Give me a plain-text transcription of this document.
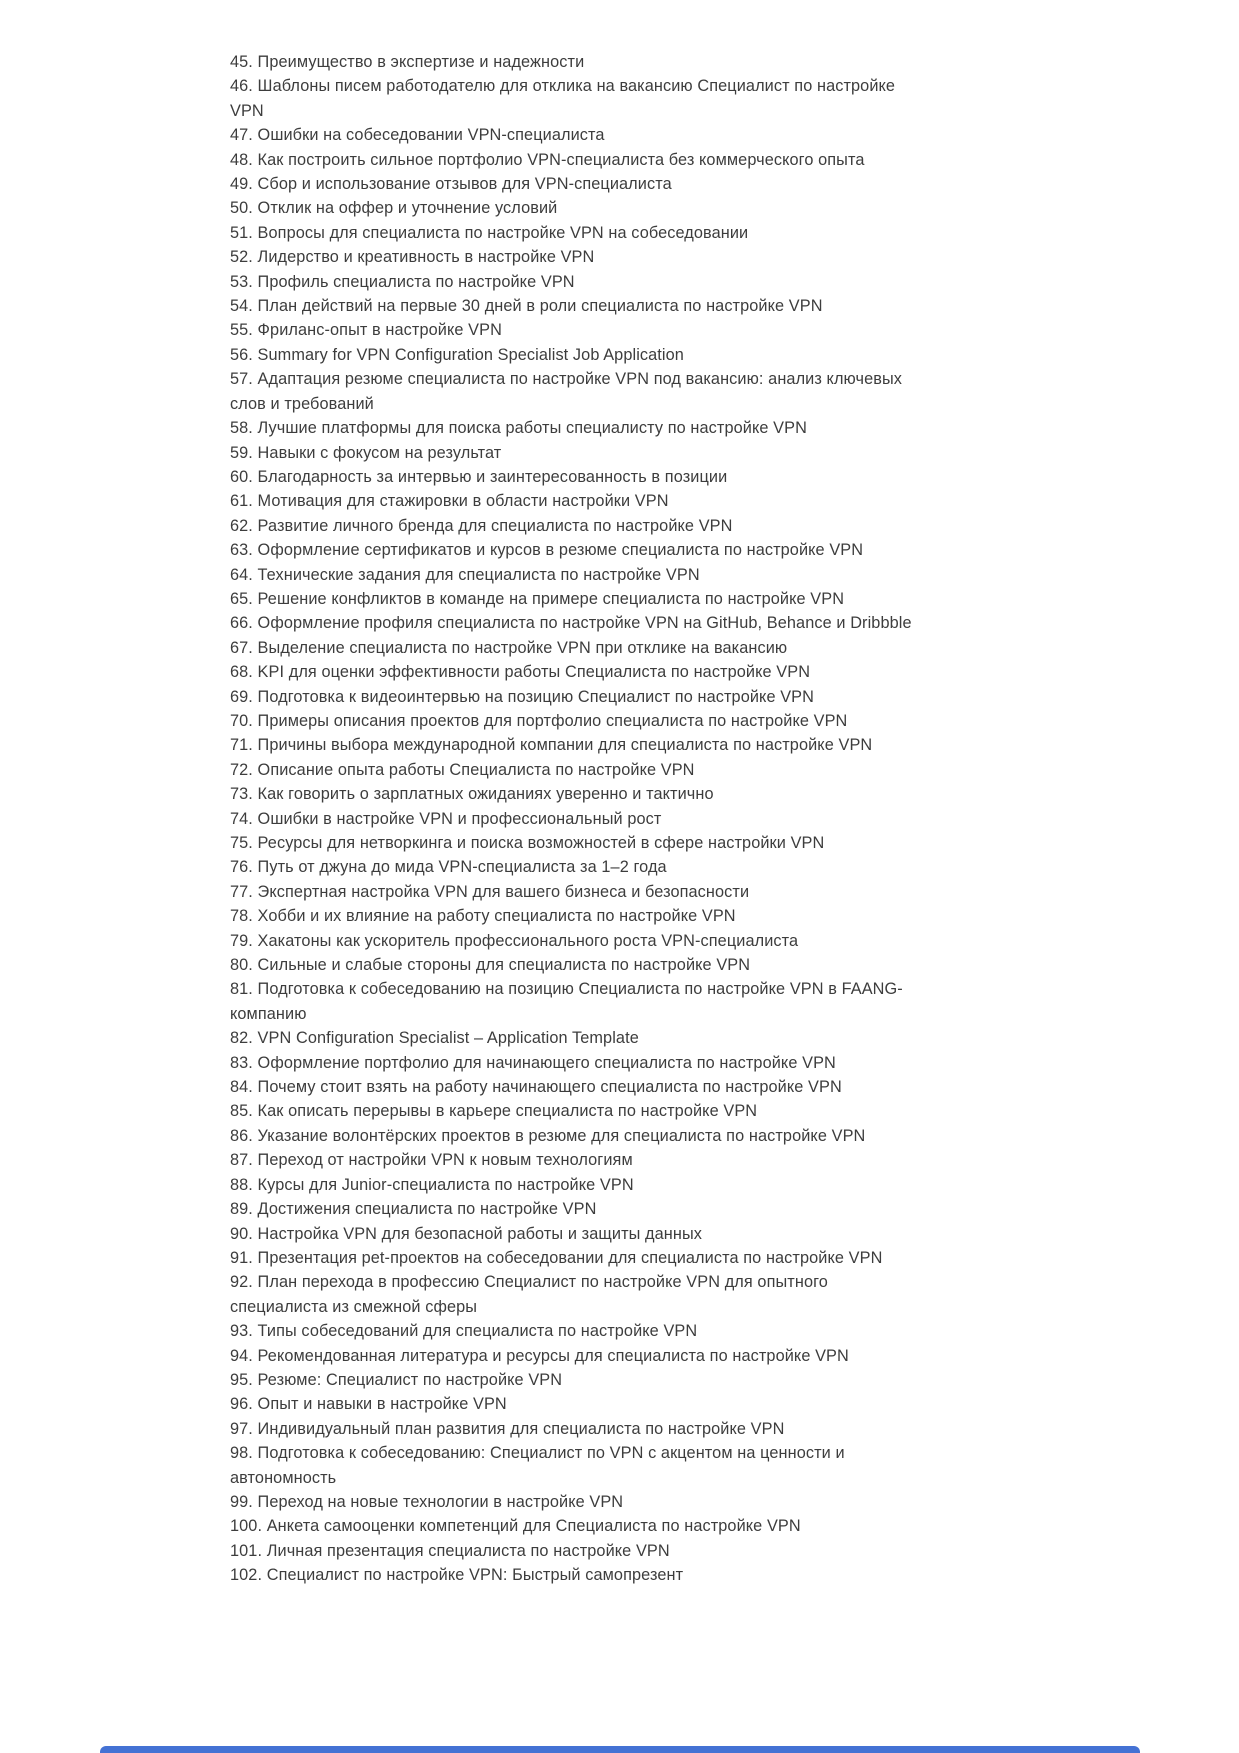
45. Преимущество в экспертизе и надежности

46. Шаблоны писем работодателю для отклика на вакансию Специалист по настройке VPN

47. Ошибки на собеседовании VPN-специалиста

48. Как построить сильное портфолио VPN-специалиста без коммерческого опыта

49. Сбор и использование отзывов для VPN-специалиста

50. Отклик на оффер и уточнение условий

51. Вопросы для специалиста по настройке VPN на собеседовании

52. Лидерство и креативность в настройке VPN

53. Профиль специалиста по настройке VPN

54. План действий на первые 30 дней в роли специалиста по настройке VPN

55. Фриланс-опыт в настройке VPN

56. Summary for VPN Configuration Specialist Job Application

57. Адаптация резюме специалиста по настройке VPN под вакансию: анализ ключевых слов и требований

58. Лучшие платформы для поиска работы специалисту по настройке VPN

59. Навыки с фокусом на результат

60. Благодарность за интервью и заинтересованность в позиции

61. Мотивация для стажировки в области настройки VPN

62. Развитие личного бренда для специалиста по настройке VPN

63. Оформление сертификатов и курсов в резюме специалиста по настройке VPN

64. Технические задания для специалиста по настройке VPN

65. Решение конфликтов в команде на примере специалиста по настройке VPN

66. Оформление профиля специалиста по настройке VPN на GitHub, Behance и Dribbble

67. Выделение специалиста по настройке VPN при отклике на вакансию

68. KPI для оценки эффективности работы Специалиста по настройке VPN

69. Подготовка к видеоинтервью на позицию Специалист по настройке VPN

70. Примеры описания проектов для портфолио специалиста по настройке VPN

71. Причины выбора международной компании для специалиста по настройке VPN

72. Описание опыта работы Специалиста по настройке VPN

73. Как говорить о зарплатных ожиданиях уверенно и тактично

74. Ошибки в настройке VPN и профессиональный рост

75. Ресурсы для нетворкинга и поиска возможностей в сфере настройки VPN

76. Путь от джуна до мида VPN-специалиста за 1–2 года

77. Экспертная настройка VPN для вашего бизнеса и безопасности

78. Хобби и их влияние на работу специалиста по настройке VPN

79. Хакатоны как ускоритель профессионального роста VPN-специалиста

80. Сильные и слабые стороны для специалиста по настройке VPN

81. Подготовка к собеседованию на позицию Специалиста по настройке VPN в FAANG-компанию

82. VPN Configuration Specialist – Application Template

83. Оформление портфолио для начинающего специалиста по настройке VPN

84. Почему стоит взять на работу начинающего специалиста по настройке VPN

85. Как описать перерывы в карьере специалиста по настройке VPN

86. Указание волонтёрских проектов в резюме для специалиста по настройке VPN

87. Переход от настройки VPN к новым технологиям

88. Курсы для Junior-специалиста по настройке VPN

89. Достижения специалиста по настройке VPN

90. Настройка VPN для безопасной работы и защиты данных

91. Презентация pet-проектов на собеседовании для специалиста по настройке VPN

92. План перехода в профессию Специалист по настройке VPN для опытного специалиста из смежной сферы

93. Типы собеседований для специалиста по настройке VPN

94. Рекомендованная литература и ресурсы для специалиста по настройке VPN

95. Резюме: Специалист по настройке VPN

96. Опыт и навыки в настройке VPN

97. Индивидуальный план развития для специалиста по настройке VPN

98. Подготовка к собеседованию: Специалист по VPN с акцентом на ценности и автономность

99. Переход на новые технологии в настройке VPN

100. Анкета самооценки компетенций для Специалиста по настройке VPN

101. Личная презентация специалиста по настройке VPN

102. Специалист по настройке VPN: Быстрый самопрезент
